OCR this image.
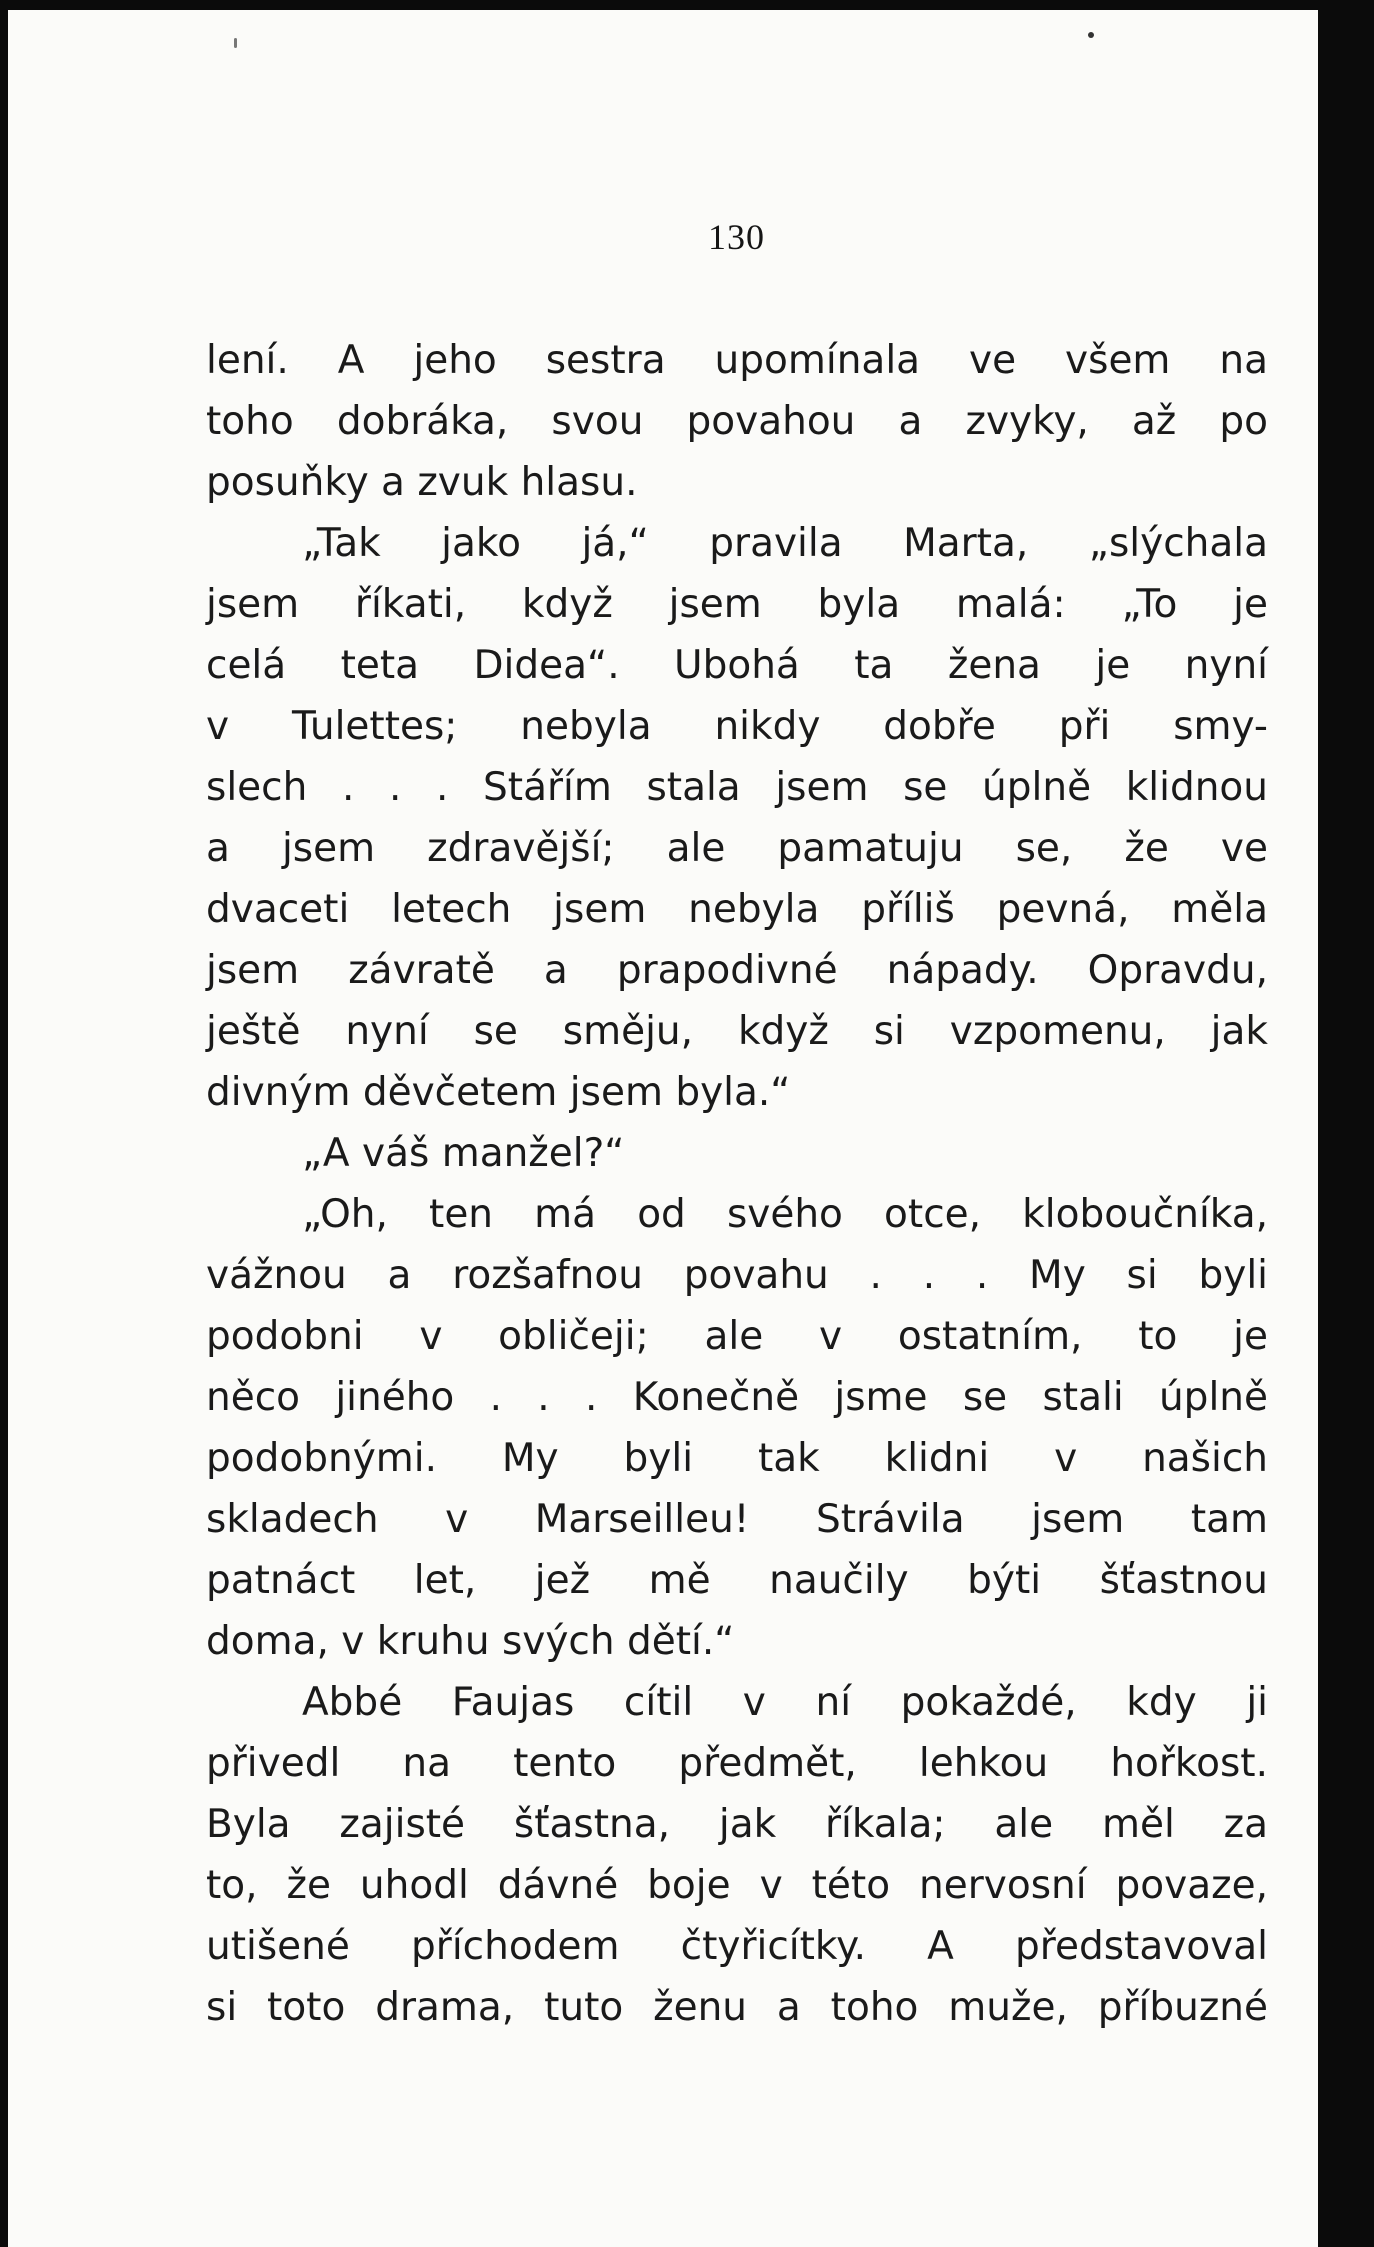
130
lení. A jeho sestra upomínala ve všem na
toho dobráka, svou povahou a zvyky, až po
posuňky a zvuk hlasu.
„Tak jako já,“ pravila Marta, „slýchala
jsem říkati, když jsem byla malá: „To je
celá teta Didea“. Ubohá ta žena je nyní
v Tulettes; nebyla nikdy dobře při smy-
slech . . . Stářím stala jsem se úplně klidnou
a jsem zdravější; ale pamatuju se, že ve
dvaceti letech jsem nebyla příliš pevná, měla
jsem závratě a prapodivné nápady. Opravdu,
ještě nyní se směju, když si vzpomenu, jak
divným děvčetem jsem byla.“
„A váš manžel?“
„Oh, ten má od svého otce, kloboučníka,
vážnou a rozšafnou povahu . . . My si byli
podobni v obličeji; ale v ostatním, to je
něco jiného . . . Konečně jsme se stali úplně
podobnými. My byli tak klidni v našich
skladech v Marseilleu! Strávila jsem tam
patnáct let, jež mě naučily býti šťastnou
doma, v kruhu svých dětí.“
Abbé Faujas cítil v ní pokaždé, kdy ji
přivedl na tento předmět, lehkou hořkost.
Byla zajisté šťastna, jak říkala; ale měl za
to, že uhodl dávné boje v této nervosní povaze,
utišené příchodem čtyřicítky. A představoval
si toto drama, tuto ženu a toho muže, příbuzné
